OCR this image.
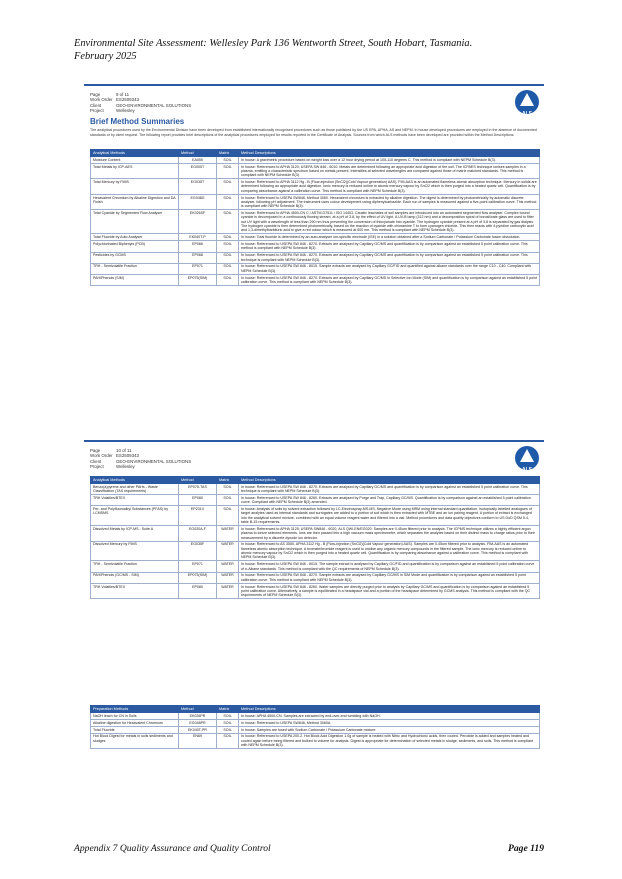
Environmental Site Assessment: Wellesley Park 136 Wentworth Street, South Hobart, Tasmania.
February 2025
Page	9 of 11
Work Order ES2509343
Client	GEO-ENVIRONMENTAL SOLUTIONS
Project	Wellesley
ALS
Brief Method Summaries
The analytical procedures used by the Environmental Division have been developed from established internationally recognised procedures such as those published by the US EPA, APHA, AS and NEPM. In house developed procedures are employed in the absence of documented standards or by client request. The following report provides brief descriptions of the analytical procedures employed for results reported in the Certificate of Analysis. Sources from which ALS methods have been developed are provided within the Method Descriptions.
Analytical Methods	Method	Matrix	Method Descriptions
Moisture Content	EA055	SOIL	In house: A gravimetric procedure based on weight loss over a 12 hour drying period at 105-110 degrees C. This method is compliant with NEPM Schedule B(3).
Total Metals by ICP-AES	EG005T	SOIL	In house: Referenced to APHA 3120; USEPA SW 846 - 6010. Metals are determined following an appropriate acid digestion of the soil. The ICPAES technique ionises samples in a plasma, emitting a characteristic spectrum based on metals present. Intensities at selected wavelengths are compared against those of matrix matched standards. This method is compliant with NEPM Schedule B(3).
Total Mercury by FIMS	EG035T	SOIL	In house: Referenced to APHA 3112 Hg - B (Flow-injection (SnCl2)(Cold Vapour generation) AAS). FIM-AAS is an automated flameless atomic absorption technique. Mercury in solids are determined following an appropriate acid digestion. Ionic mercury is reduced online to atomic mercury vapour by SnCl2 which is then purged into a heated quartz cell. Quantification is by comparing absorbance against a calibration curve. This method is compliant with NEPM Schedule B(3).
Hexavalent Chromium by Alkaline Digestion and DA Finish	EG048G	SOIL	In house: Referenced to USEPA SW846, Method 3060. Hexavalent chromium is extracted by alkaline digestion. The digest is determined by photometrically by automatic discrete analyser, following pH adjustment. The instrument uses colour development using diphenylcarbazide. Each run of samples is measured against a five-point calibration curve. This method is compliant with NEPM Schedule B(3).
Total Cyanide by Segmented Flow Analyser	EK026SF	SOIL	In house: Referenced to APHA 4500-CN C / ASTM D7511 / ISO 14403. Caustic leachates of soil samples are introduced into an automated segmented flow analyser. Complex bound cyanide is decomposed in a continuously flowing stream, at a pH of 3.8, by the effect of UV light. A UV-B lamp (312 nm) and a decomposition spiral of borosilicate glass are used to filter out UV light with a wavelength of less than 290 nm thus preventing the conversion of thiocyanate into cyanide. The hydrogen cyanide present at a pH of 3.8 is separated by gas dialysis. The hydrogen cyanide is then determined photometrically, based on the reaction of cyanide with chloramine T to form cyanogen chloride. This then reacts with 4-pyridine carboxylic acid and 1,3-dimethylbarbituric acid to give a red colour which is measured at 600 nm. This method is compliant with NEPM Schedule B(3).
Total Fluoride by Auto Analyser	EK040T-P	SOIL	In house: Total fluoride is determined by an auto-analyser ion-specific electrode (ISE) in a solution obtained after a Sodium Carbonate / Potassium Carbonate fusion dissolution.
Polychlorinated Biphenyls (PCB)	EP066	SOIL	In house: Referenced to USEPA SW 846 - 8270. Extracts are analysed by Capillary GC/MS and quantification is by comparison against an established 5 point calibration curve. This method is compliant with NEPM Schedule B(3).
Pesticides by GCMS	EP068	SOIL	In house: Referenced to USEPA SW 846 - 8270. Extracts are analysed by Capillary GC/MS and quantification is by comparison against an established 5 point calibration curve. This technique is compliant with NEPM Schedule B(3).
TRH - Semivolatile Fraction	EP071	SOIL	In house: Referenced to USEPA SW 846 - 8015. Sample extracts are analysed by Capillary GC/FID and quantified against alkane standards over the range C10 - C40. Compliant with NEPM Schedule B(3).
PAH/Phenols (SIM)	EP075(SIM)	SOIL	In house: Referenced to USEPA SW 846 - 8270. Extracts are analysed by Capillary GC/MS in Selective Ion Mode (SIM) and quantification is by comparison against an established 5 point calibration curve. This method is compliant with NEPM Schedule B(3).
Page	10 of 11
Work Order ES2509343
Client	GEO-ENVIRONMENTAL SOLUTIONS
Project	Wellesley
ALS
Analytical Methods	Method	Matrix	Method Descriptions
Benzo(a)pyrene and other PAHs - Waste Classification (TAS requirements)	EP075-TAS	SOIL	In house: Referenced to USEPA SW 846 - 8270. Extracts are analysed by Capillary GC/MS and quantification is by comparison against an established 5 point calibration curve. This technique is compliant with NEPM Schedule B(3).
TRH Volatiles/BTEX	EP080	SOIL	In house: Referenced to USEPA SW 846 - 8260. Extracts are analysed by Purge and Trap, Capillary GC/MS. Quantification is by comparison against an established 5 point calibration curve. Compliant with NEPM Schedule B(3) amended.
Per- and Polyfluoroalkyl Substances (PFAS) by LCMSMS	EP231X	SOIL	In house: Analysis of soils by solvent extraction followed by LC-Electrospray-MS-MS, Negative Mode using MRM using internal standard quantitation. Isotopically labelled analogues of target analytes used as internal standards and surrogates are added to a portion of soil which is then extracted with MTBE and an ion pairing reagent. A portion of extract is exchanged into the analytical solvent mixture, combined with an equal volume reagent water and filtered into a vial. Method procedures and data quality objectives conform to US DoD QSM 5.4, table B-15 requirements.
Dissolved Metals by ICP-MS - Suite A	EG020A-F	WATER	In house: Referenced to APHA 3125; USEPA SW846 - 6020, ALS QWI-EN/EG020. Samples are 0.45um filtered prior to analysis. The ICPMS technique utilizes a highly efficient argon plasma to ionize selected elements. Ions are then passed into a high vacuum mass spectrometer, which separates the analytes based on their distinct mass to charge ratios prior to their measurement by a discrete dynode ion detector.
Dissolved Mercury by FIMS	EG035F	WATER	In house: Referenced to AS 3550, APHA 3112 Hg - B (Flow-injection (SnCl2)(Cold Vapour generation) AAS). Samples are 0.45um filtered prior to analysis. FIM-AAS is an automated flameless atomic absorption technique. A bromate/bromide reagent is used to oxidise any organic mercury compounds in the filtered sample. The ionic mercury is reduced online to atomic mercury vapour by SnCl2 which is then purged into a heated quartz cell. Quantification is by comparing absorbance against a calibration curve. This method is compliant with NEPM Schedule B(3).
TRH - Semivolatile Fraction	EP071	WATER	In house: Referenced to USEPA SW 846 - 8015. The sample extract is analysed by Capillary GC/FID and quantification is by comparison against an established 5 point calibration curve of n-Alkane standards. This method is compliant with the QC requirements of NEPM Schedule B(3).
PAH/Phenols (GC/MS - SIM)	EP075(SIM)	WATER	In house: Referenced to USEPA SW 846 - 8270. Sample extracts are analysed by Capillary GC/MS in SIM Mode and quantification is by comparison against an established 5 point calibration curve. This method is compliant with NEPM Schedule B(3).
TRH Volatiles/BTEX	EP080	WATER	In house: Referenced to USEPA SW 846 - 8260. Water samples are directly purged prior to analysis by Capillary GC/MS and quantification is by comparison against an established 5 point calibration curve. Alternatively, a sample is equilibrated in a headspace vial and a portion of the headspace determined by GCMS analysis. This method is compliant with the QC requirements of NEPM Schedule B(3).
Preparation Methods	Method	Matrix	Method Descriptions
NaOH leach for CN in Soils	EK026PR	SOIL	In house: APHA 4500-CN. Samples are extracted by end-over-end tumbling with NaOH.
Alkaline digestion for Hexavalent Chromium	EG048PR	SOIL	In house: Referenced to USEPA SW846, Method 3060A.
Total Fluoride	EK040T-PR	SOIL	In house: Samples are fused with Sodium Carbonate / Potassium Carbonate mixture.
Hot Block Digest for metals in soils sediments and sludges	EN69	SOIL	In house: Referenced to USEPA 200.2. Hot Block Acid Digestion 1.0g of sample is heated with Nitric and Hydrochloric acids, then cooled. Peroxide is added and samples heated and cooled again before being filtered and bulked to volume for analysis. Digest is appropriate for determination of selected metals in sludge, sediments, and soils. This method is compliant with NEPM Schedule B(3).
Appendix 7 Quality Assurance and Quality Control	Page 119
